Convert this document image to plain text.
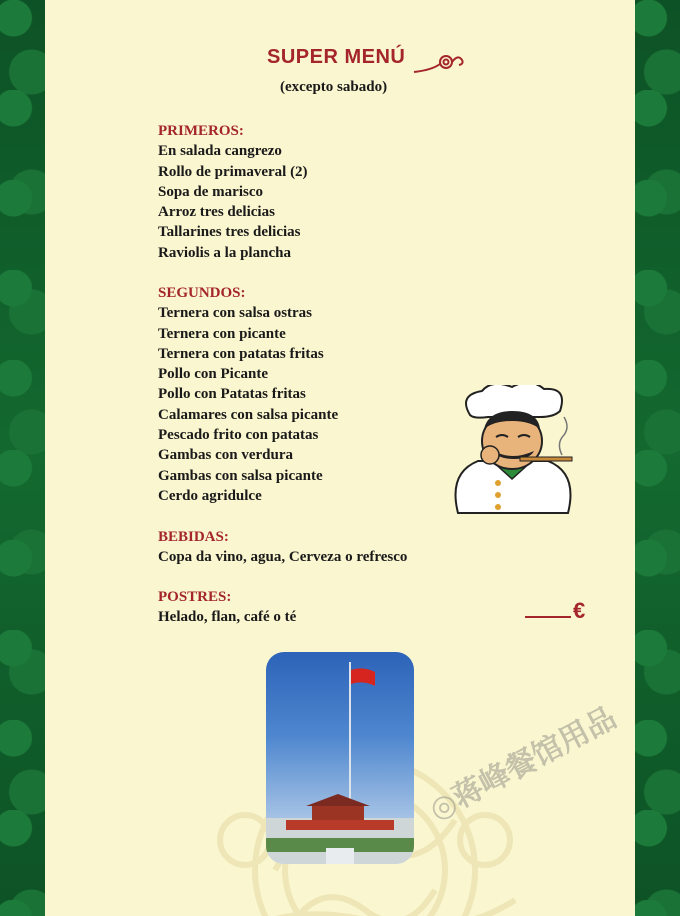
SUPER MENÚ
(excepto sabado)
PRIMEROS:
En salada cangrezo
Rollo de primaveral (2)
Sopa de marisco
Arroz tres delicias
Tallarines tres delicias
Raviolis a la plancha
SEGUNDOS:
Ternera con salsa ostras
Ternera con picante
Ternera con patatas fritas
Pollo con Picante
Pollo con Patatas fritas
Calamares con salsa picante
Pescado frito con patatas
Gambas con verdura
Gambas con salsa picante
Cerdo agridulce
BEBIDAS:
Copa da vino, agua, Cerveza o refresco
POSTRES:
Helado, flan, café o té	€
◎蒋峰餐馆用品
